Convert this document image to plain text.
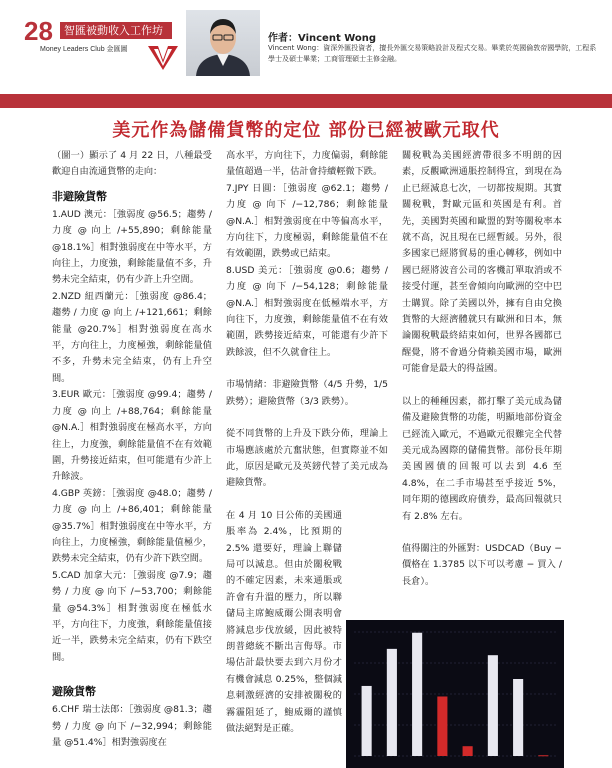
28	智匯被動收入工作坊
Money Leaders Club 金匯圖
作者：Vincent Wong
Vincent Wong：資深外匯投資者，擅長外匯交易策略設計及程式交易。畢業於英國倫敦帝國學院，工程系學士及碩士畢業；工商管理碩士主修金融。
美元作為儲備貨幣的定位 部份已經被歐元取代

（圖一）顯示了 4 月 22 日，八種最受歡迎自由流通貨幣的走向：

非避險貨幣
1.AUD 澳元：［強弱度 @56.5；趨勢 / 力度 @ 向上 /+55,890；剩餘能量 @18.1%］相對強弱度在中等水平，方向往上，力度強，剩餘能量值不多，升勢未完全結束，仍有少許上升空間。
2.NZD 紐西蘭元：［強弱度 @86.4；趨勢 / 力度 @ 向上 /+121,661；剩餘能量 @20.7%］相對強弱度在高水平，方向往上，力度極強，剩餘能量值不多，升勢未完全結束，仍有上升空間。
3.EUR 歐元：［強弱度 @99.4；趨勢 / 力度 @ 向上 /+88,764；剩餘能量 @N.A.］相對強弱度在極高水平，方向往上，力度強，剩餘能量值不在有效範圍，升勢接近結束，但可能還有少許上升餘波。
4.GBP 英鎊：［強弱度 @48.0；趨勢 / 力度 @ 向上 /+86,401；剩餘能量 @35.7%］相對強弱度在中等水平，方向往上，力度極強，剩餘能量值極少，跌勢未完全結束，仍有少許下跌空間。
5.CAD 加拿大元：［強弱度 @7.9；趨勢 / 力度 @ 向下 /−53,700；剩餘能量 @54.3%］相對強弱度在極低水平，方向往下，力度強，剩餘能量值接近一半，跌勢未完全結束，仍有下跌空間。
避險貨幣
6.CHF 瑞士法郎：［強弱度 @81.3；趨勢 / 力度 @ 向下 /−32,994；剩餘能量 @51.4%］相對強弱度在

高水平，方向往下，力度偏弱，剩餘能量值超過一半，估計會持續輕微下跌。

7.JPY 日圓：［強弱度 @62.1；趨勢 / 力度 @ 向下 /−12,786；剩餘能量 @N.A.］相對強弱度在中等偏高水平，方向往下，力度極弱，剩餘能量值不在有效範圍，跌勢或已結束。

8.USD 美元：［強弱度 @0.6；趨勢 / 力度 @ 向下 /−54,128；剩餘能量 @N.A.］相對強弱度在低極端水平，方向往下，力度強，剩餘能量值不在有效範圍，跌勢接近結束，可能還有少許下跌餘波，但不久就會往上。

市場情緒：非避險貨幣（4/5 升勢，1/5 跌勢）；避險貨幣（3/3 跌勢）。

從不同貨幣的上升及下跌分佈，理論上市場應該處於亢奮狀態，但實際並不如此，原因是歐元及英鎊代替了美元成為避險貨幣。

在 4 月 10 日公佈的美國通脹率為 2.4%，比預期的 2.5% 還要好，理論上聯儲局可以減息。但由於關稅戰的不確定因素，未來通脹或許會有升溫的壓力，所以聯儲局主席鮑威爾公開表明會將減息步伐放緩，因此被特朗普總統不斷出言侮辱。市場估計最快要去到六月份才有機會減息 0.25%，整個減息刺激經濟的安排被關稅的霧霾阻延了，鮑威爾的謹慎做法絕對是正確。

關稅戰為美國經濟帶很多不明朗的因素，反觀歐洲通脹控制得宜，到現在為止已經減息七次，一切都按規期。其實關稅戰，對歐元區和英國是有利。首先，美國對英國和歐盟的對等關稅率本就不高，況且現在已經暫緩。另外，很多國家已經將貿易的重心轉移，例如中國已經將波音公司的客機訂單取消或不接受付運，甚至會傾向向歐洲的空中巴士購買。除了美國以外，擁有自由兌換貨幣的大經濟體就只有歐洲和日本，無論關稅戰最終結束如何，世界各國都已醒覺，將不會過分倚賴美國市場，歐洲可能會是最大的得益國。

以上的種種因素，都打擊了美元成為儲備及避險貨幣的功能，明顯地部份資金已經流入歐元，不過歐元很難完全代替美元成為國際的儲備貨幣。部份長年期美國國債的回報可以去到 4.6 至 4.8%，在二手市場甚至乎接近 5%，同年期的德國政府債券，最高回報就只有 2.8% 左右。

值得關注的外匯對：USDCAD（Buy − 價格在 1.3785 以下可以考慮 − 買入 / 長倉）。
